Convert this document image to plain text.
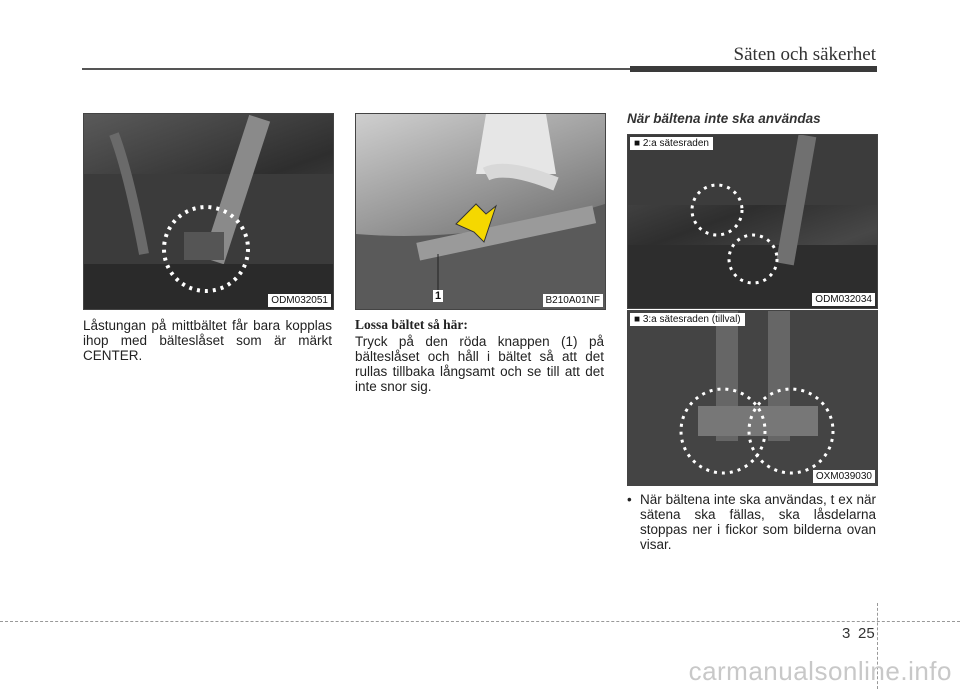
Säten och säkerhet
ODM032051	1	B210A01NF
■ 2:a sätesraden
ODM032034
■ 3:a sätesraden (tillval)
OXM039030
Låstungan på mittbältet får bara kopplas ihop med bälteslåset som är märkt CENTER.
Lossa bältet så här:
Tryck på den röda knappen (1) på bälteslåset och håll i bältet så att det rullas tillbaka långsamt och se till att det inte snor sig.
När bältena inte ska användas
• När bältena inte ska användas, t ex när sätena ska fällas, ska låsdelarna stoppas ner i fickor som bilderna ovan visar.
3 25
carmanualsonline.info
